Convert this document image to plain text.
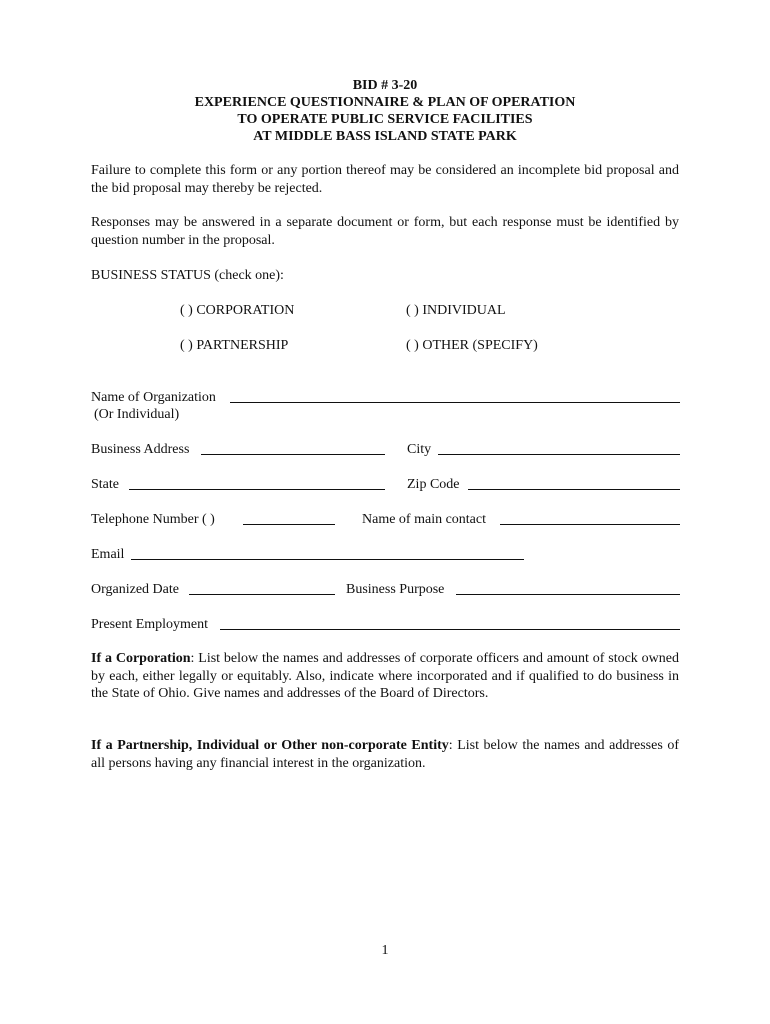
BID # 3-20
EXPERIENCE QUESTIONNAIRE & PLAN OF OPERATION
TO OPERATE PUBLIC SERVICE FACILITIES
AT MIDDLE BASS ISLAND STATE PARK
Failure to complete this form or any portion thereof may be considered an incomplete bid proposal and the bid proposal may thereby be rejected.
Responses may be answered in a separate document or form, but each response must be identified by question number in the proposal.
BUSINESS STATUS (check one):
( ) CORPORATION	( ) INDIVIDUAL
( ) PARTNERSHIP	( ) OTHER (SPECIFY)
Name of Organization
(Or Individual)
Business Address	City
State	Zip Code
Telephone Number ( )	Name of main contact
Email
Organized Date	Business Purpose
Present Employment
If a Corporation: List below the names and addresses of corporate officers and amount of stock owned by each, either legally or equitably. Also, indicate where incorporated and if qualified to do business in the State of Ohio. Give names and addresses of the Board of Directors.
If a Partnership, Individual or Other non-corporate Entity: List below the names and addresses of all persons having any financial interest in the organization.
1
